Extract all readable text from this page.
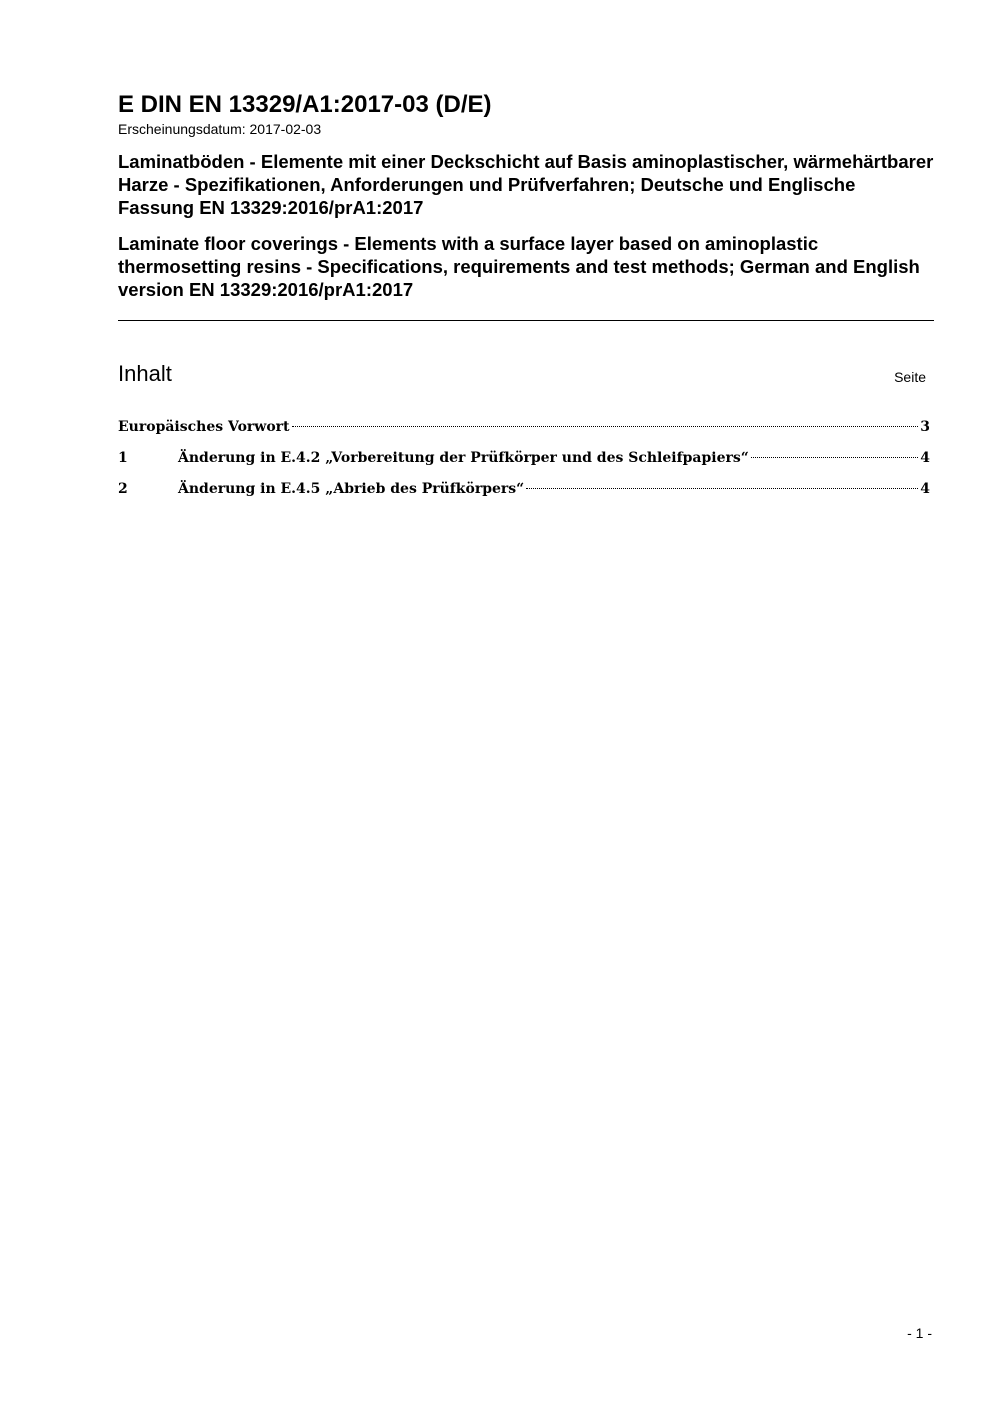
E DIN EN 13329/A1:2017-03 (D/E)

Erscheinungsdatum: 2017-02-03

Laminatböden - Elemente mit einer Deckschicht auf Basis aminoplastischer, wärmehärtbarer Harze - Spezifikationen, Anforderungen und Prüfverfahren; Deutsche und Englische Fassung EN 13329:2016/prA1:2017

Laminate floor coverings - Elements with a surface layer based on aminoplastic thermosetting resins - Specifications, requirements and test methods; German and English version EN 13329:2016/prA1:2017

Inhalt	Seite
Europäisches Vorwort	3
1	Änderung in E.4.2 „Vorbereitung der Prüfkörper und des Schleifpapiers“	4
2	Änderung in E.4.5 „Abrieb des Prüfkörpers“	4
- 1 -
